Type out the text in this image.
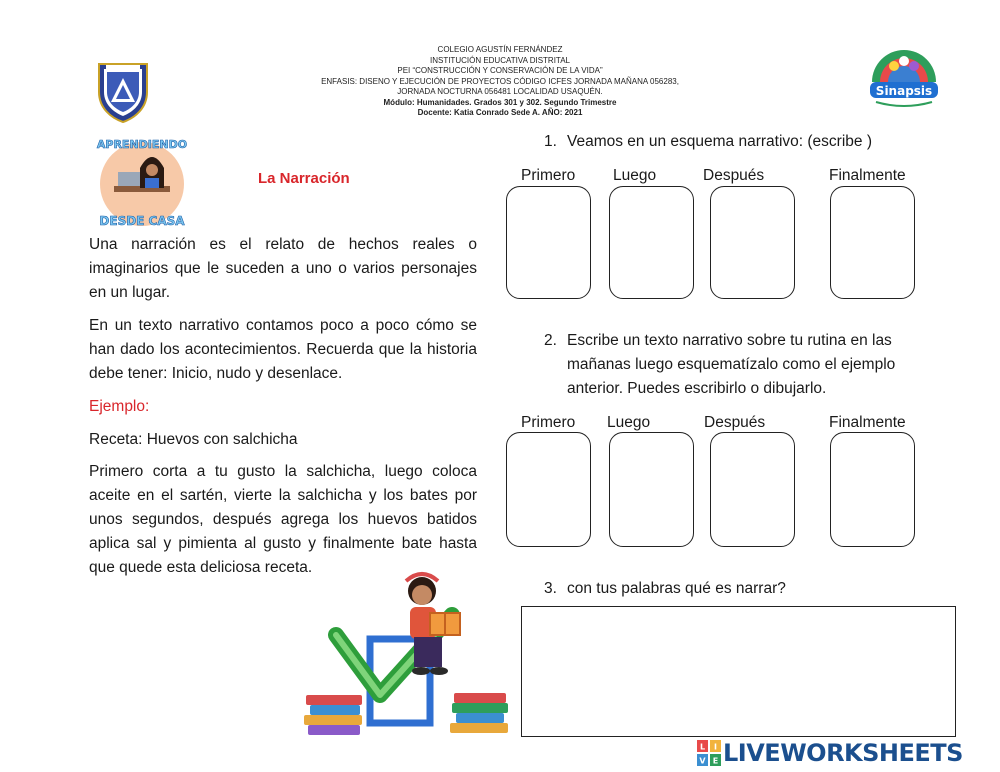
COLEGIO AGUSTÍN FERNÁNDEZ
INSTITUCIÓN EDUCATIVA DISTRITAL
PEI “CONSTRUCCIÓN Y CONSERVACIÓN DE LA VIDA”
ENFASIS: DISENO Y EJECUCIÓN DE PROYECTOS CÓDIGO ICFES JORNADA MAÑANA 056283,
JORNADA NOCTURNA 056481 LOCALIDAD USAQUÉN.
Módulo: Humanidades. Grados 301 y 302. Segundo Trimestre
Docente: Katia Conrado Sede A. AÑO: 2021
Sinapsis
APRENDIENDO
DESDE CASA
La Narración
Una narración es el relato de hechos reales o imaginarios que le suceden a uno o varios personajes en un lugar.
En un texto narrativo contamos poco a poco cómo se han dado los acontecimientos. Recuerda que la historia debe tener: Inicio, nudo y desenlace.
Ejemplo:
Receta: Huevos con salchicha
Primero corta a tu gusto la salchicha, luego coloca aceite en el sartén, vierte la salchicha y los bates por unos segundos, después agrega los huevos batidos aplica sal y pimienta al gusto y finalmente bate hasta que quede esta deliciosa receta.
1. Veamos en un esquema narrativo: (escribe )
Primero Luego	Después	Finalmente
2. Escribe un texto narrativo sobre tu rutina en las mañanas luego esquematízalo como el ejemplo anterior. Puedes escribirlo o dibujarlo.
Primero Luego	Después	Finalmente
3. con tus palabras qué es narrar?
L I
V E LIVEWORKSHEETS
